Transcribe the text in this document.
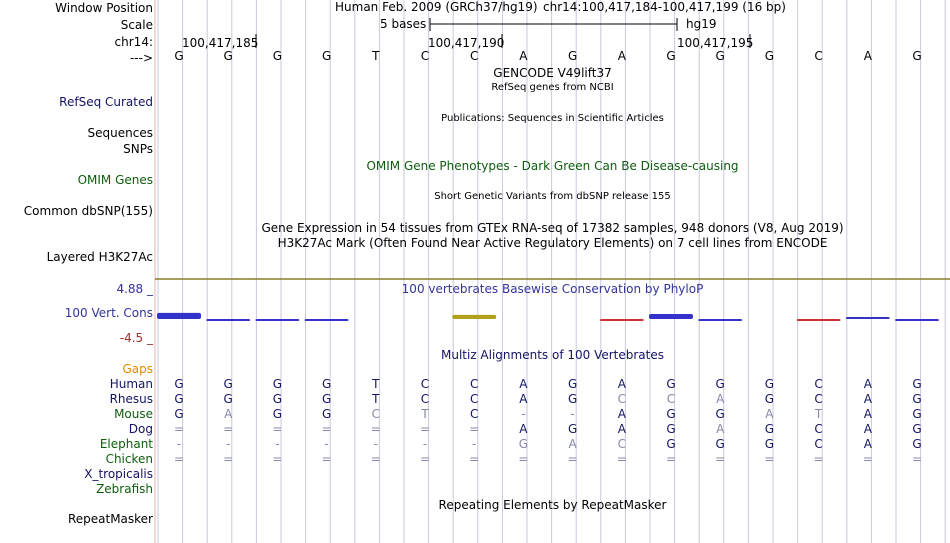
Window Position	Human Feb. 2009 (GRCh37/hg19) chr14:100,417,184-100,417,199 (16 bp)
Scale	5 bases	hg19
chr14: 100,417,185	100,417,190	100,417,195
--->	G	G	G	G	T	C	C	A	G	A	G	G	G	C	A	G
GENCODE V49lift37
RefSeq genes from NCBI
RefSeq Curated
Publications: Sequences in Scientific Articles
Sequences
SNPs
OMIM Gene Phenotypes - Dark Green Can Be Disease-causing
OMIM Genes
Short Genetic Variants from dbSNP release 155
Common dbSNP(155)
Gene Expression in 54 tissues from GTEx RNA-seq of 17382 samples, 948 donors (V8, Aug 2019)
H3K27Ac Mark (Often Found Near Active Regulatory Elements) on 7 cell lines from ENCODE
Layered H3K27Ac
4.88 _	100 vertebrates Basewise Conservation by PhyloP
100 Vert. Cons
-4.5 _
Multiz Alignments of 100 Vertebrates
Gaps
Human	G	G	G	G	T	C	C	A	G	A	G	G	G	C	A	G
Rhesus	G	G	G	G	T	C	C	A	G	C	C	A	G	C	A	G
Mouse	G	A	G	G	C	T	C	-	-	A	G	G	A	T	A	G
Dog	=	=	=	=	=	=	=	A	G	A	G	A	G	C	A	G
Elephant	-	-	-	-	-	-	-	G	A	C	G	G	G	C	A	G
Chicken	=	=	=	=	=	=	=	=	=	=	=	=	=	=	=	=
X_tropicalis
Zebrafish
Repeating Elements by RepeatMasker
RepeatMasker
